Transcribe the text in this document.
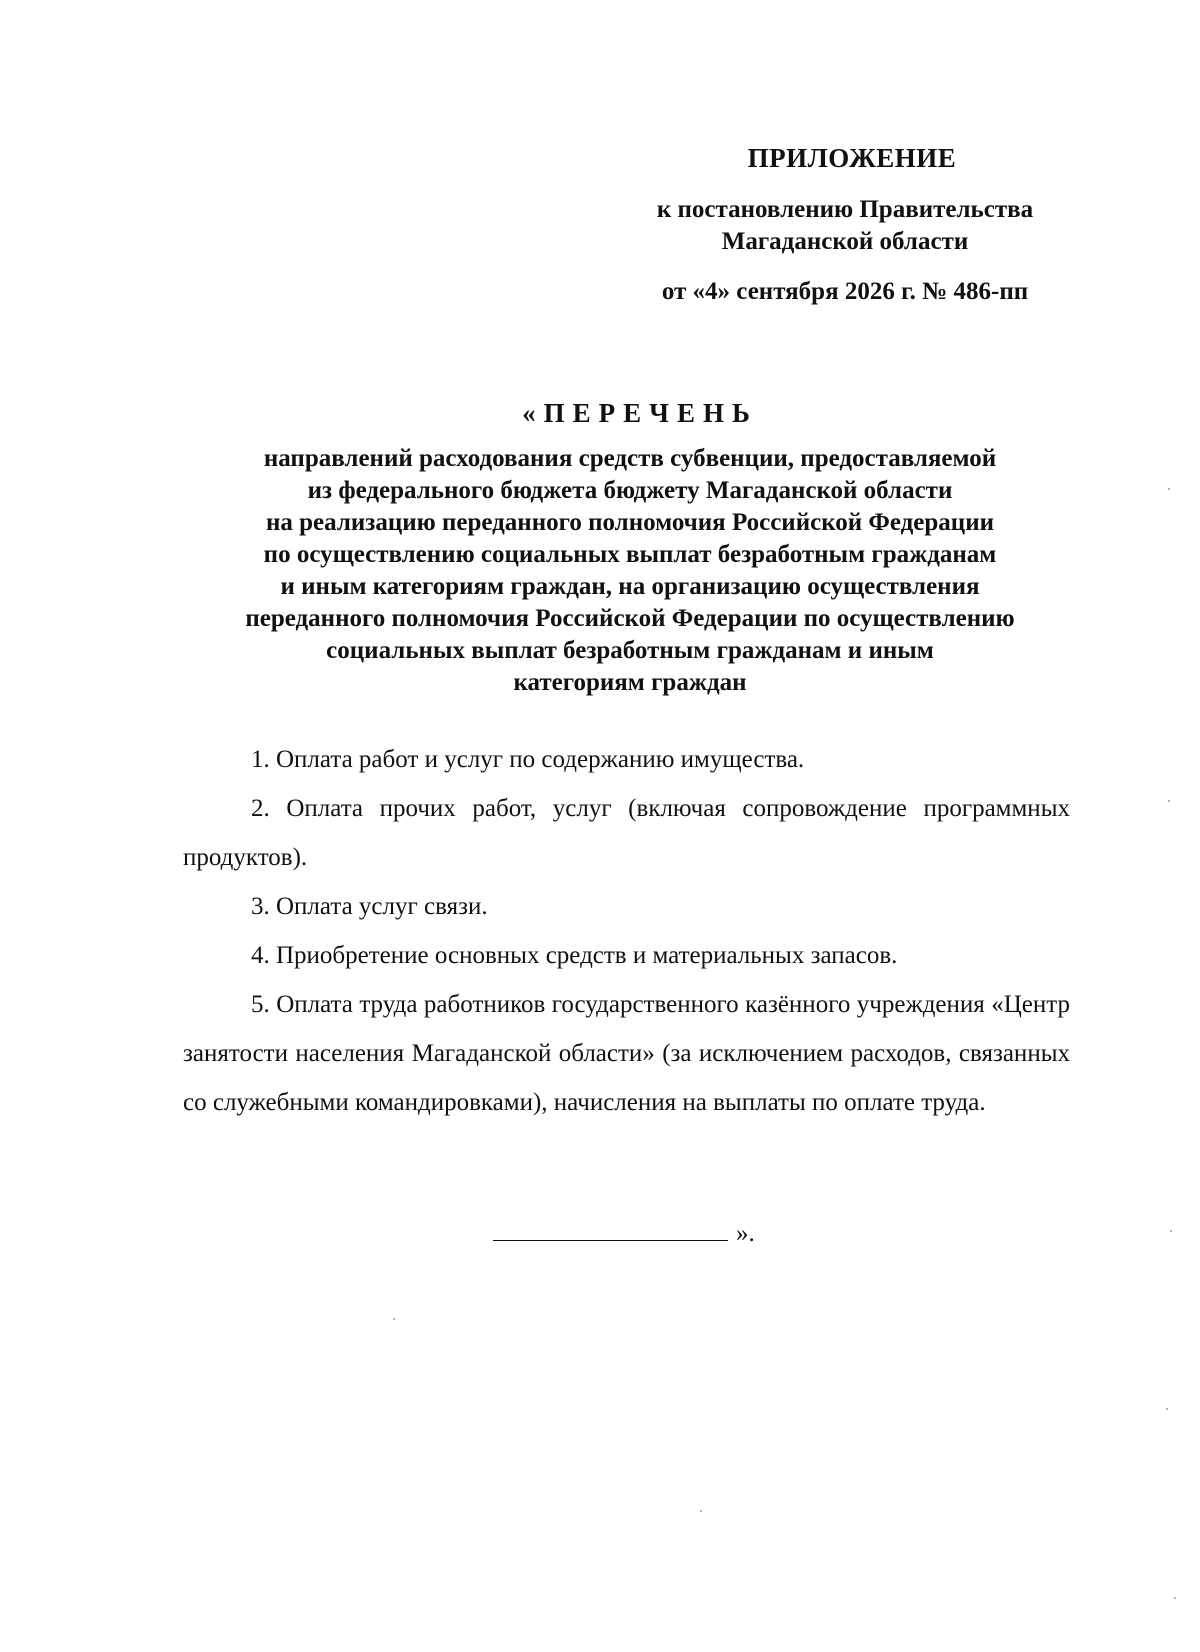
ПРИЛОЖЕНИЕ

к постановлению Правительства

Магаданской области

от «4» сентября 2026 г. № 486-пп

«ПЕРЕЧЕНЬ

направлений расходования средств субвенции, предоставляемой

из федерального бюджета бюджету Магаданской области

на реализацию переданного полномочия Российской Федерации

по осуществлению социальных выплат безработным гражданам

и иным категориям граждан, на организацию осуществления

переданного полномочия Российской Федерации по осуществлению

социальных выплат безработным гражданам и иным

категориям граждан

1. Оплата работ и услуг по содержанию имущества.

2. Оплата прочих работ, услуг (включая сопровождение программных продуктов).

3. Оплата услуг связи.

4. Приобретение основных средств и материальных запасов.

5. Оплата труда работников государственного казённого учреждения «Центр занятости населения Магаданской области» (за исключением расходов, связанных со служебными командировками), начисления на выплаты по оплате труда.

».
